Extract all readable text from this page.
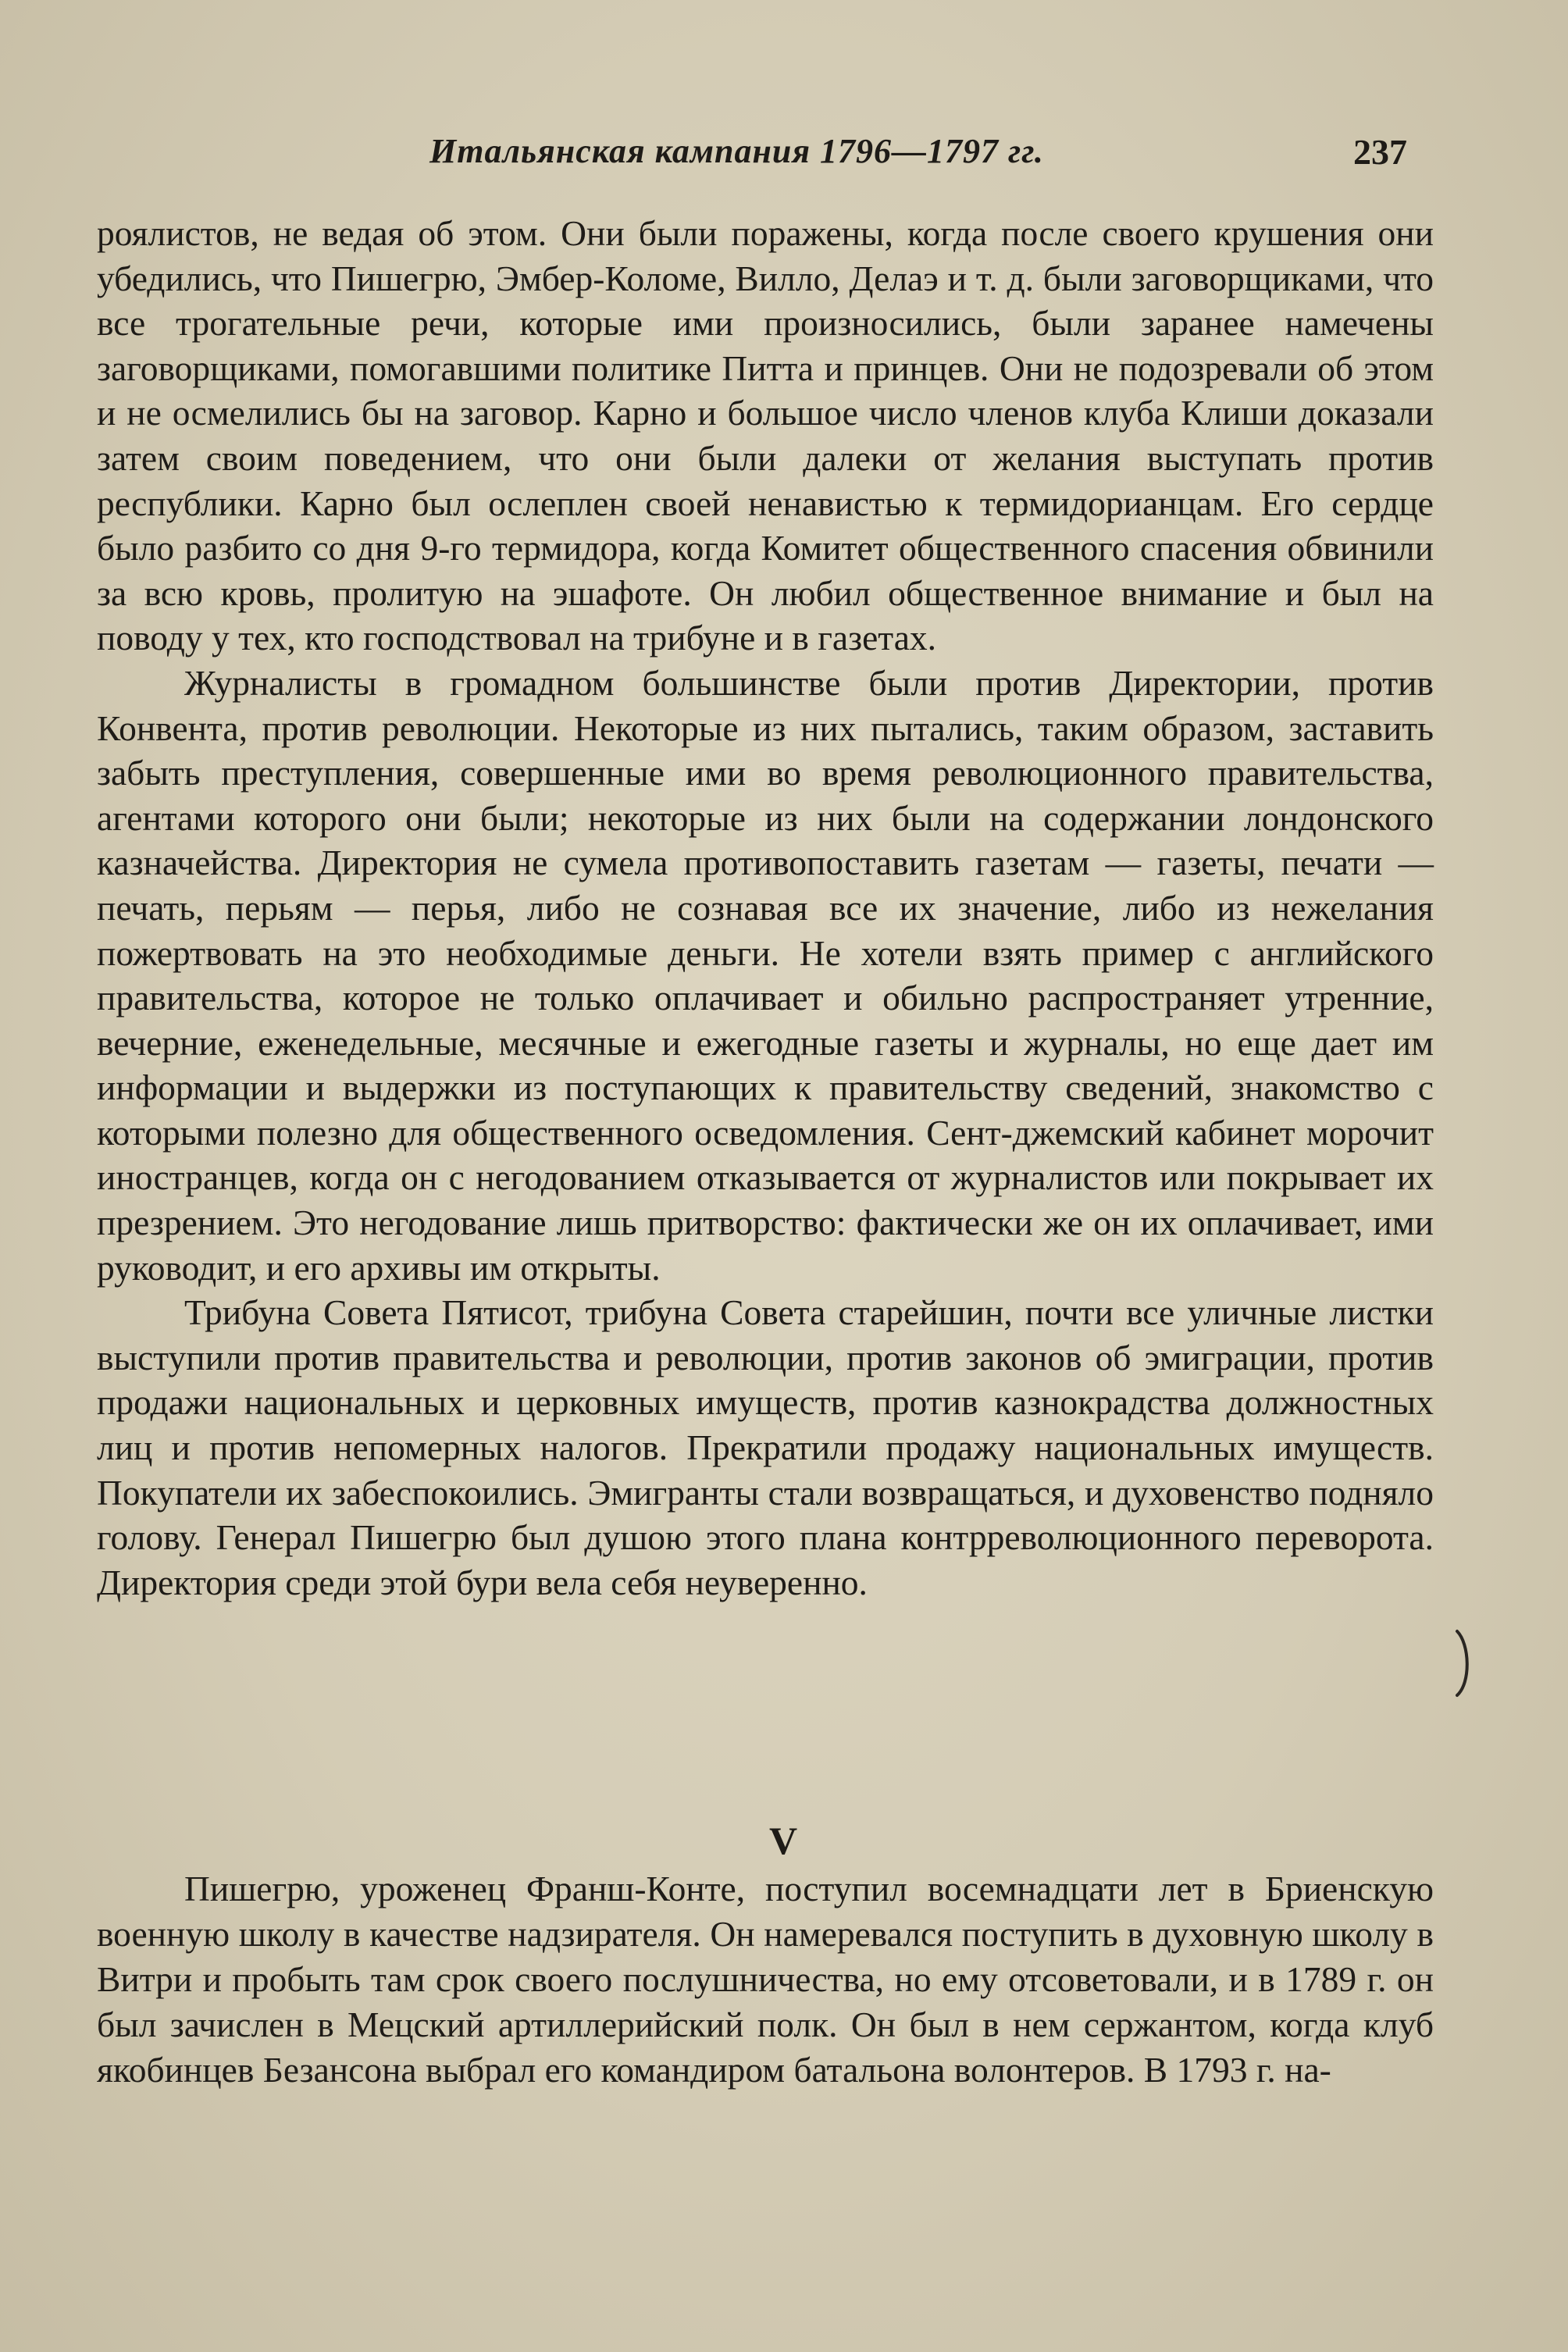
Итальянская кампания 1796—1797 гг.	237

роялистов, не ведая об этом. Они были поражены, когда после своего крушения они убедились, что Пишегрю, Эмбер-Коломе, Вилло, Делаэ и т. д. были заговорщиками, что все трогательные речи, которые ими произносились, были заранее намечены заговорщиками, помогавшими политике Питта и принцев. Они не подозревали об этом и не осмелились бы на заговор. Карно и большое число членов клуба Клиши доказали затем своим поведением, что они были далеки от желания выступать против республики. Карно был ослеплен своей ненавистью к термидорианцам. Его сердце было разбито со дня 9-го термидора, когда Комитет общественного спасения обвинили за всю кровь, пролитую на эшафоте. Он любил общественное внимание и был на поводу у тех, кто господствовал на трибуне и в газетах.

Журналисты в громадном большинстве были против Директории, против Конвента, против революции. Некоторые из них пытались, таким образом, заставить забыть преступления, совершенные ими во время революционного правительства, агентами которого они были; некоторые из них были на содержании лондонского казначейства. Директория не сумела противопоставить газетам — газеты, печати — печать, перьям — перья, либо не сознавая все их значение, либо из нежелания пожертвовать на это необходимые деньги. Не хотели взять пример с английского правительства, которое не только оплачивает и обильно распространяет утренние, вечерние, еженедельные, месячные и ежегодные газеты и журналы, но еще дает им информации и выдержки из поступающих к правительству сведений, знакомство с которыми полезно для общественного осведомления. Сент-джемский кабинет морочит иностранцев, когда он с негодованием отказывается от журналистов или покрывает их презрением. Это негодование лишь притворство: фактически же он их оплачивает, ими руководит, и его архивы им открыты.

Трибуна Совета Пятисот, трибуна Совета старейшин, почти все уличные листки выступили против правительства и революции, против законов об эмиграции, против продажи национальных и церковных имуществ, против казнокрадства должностных лиц и против непомерных налогов. Прекратили продажу национальных имуществ. Покупатели их забеспокоились. Эмигранты стали возвращаться, и духовенство подняло голову. Генерал Пишегрю был душою этого плана контрреволюционного переворота. Директория среди этой бури вела себя неуверенно.

V

Пишегрю, уроженец Франш-Конте, поступил восемнадцати лет в Бриенскую военную школу в качестве надзирателя. Он намеревался поступить в духовную школу в Витри и пробыть там срок своего послушничества, но ему отсоветовали, и в 1789 г. он был зачислен в Мецский артиллерийский полк. Он был в нем сержантом, когда клуб якобинцев Безансона выбрал его командиром батальона волонтеров. В 1793 г. на-
